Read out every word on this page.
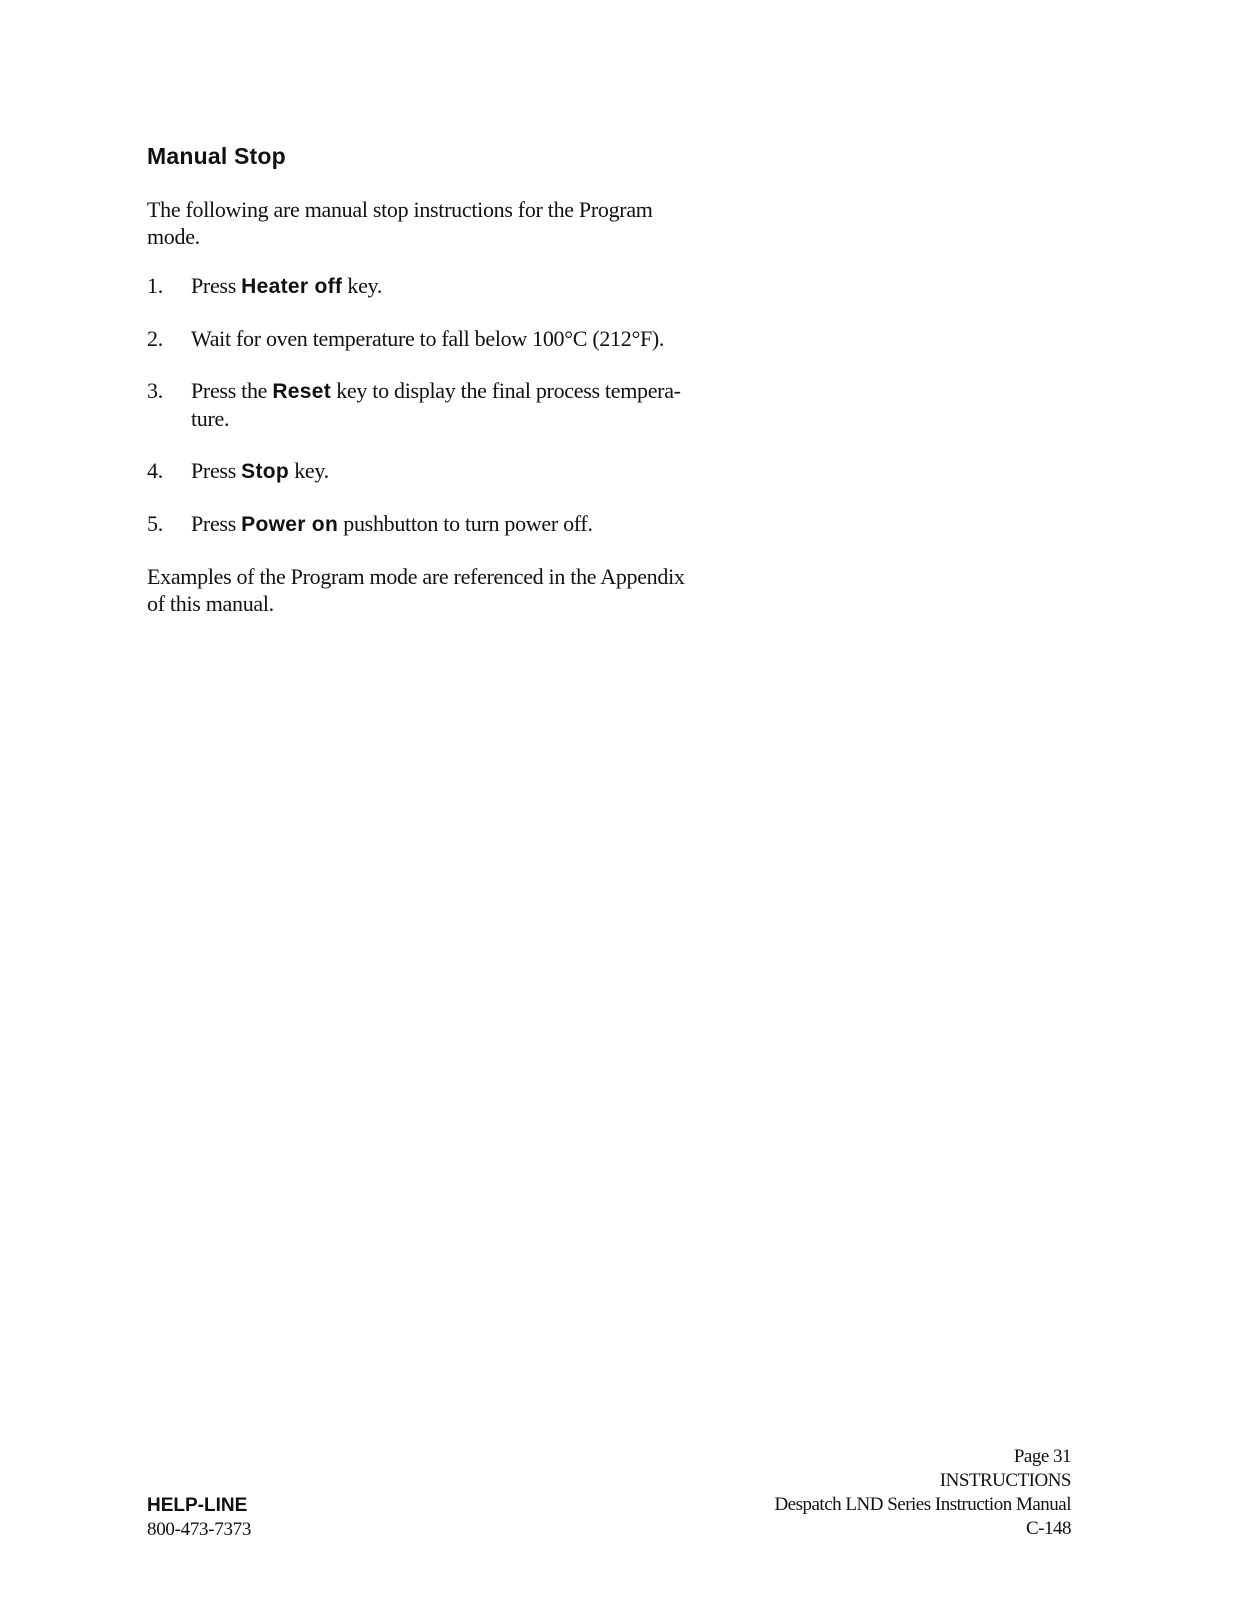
Manual Stop

The following are manual stop instructions for the Program mode.

1.	Press Heater off key.
2.	Wait for oven temperature to fall below 100°C (212°F).
3.	Press the Reset key to display the final process tempera-ture.
4.	Press Stop key.
5.	Press Power on pushbutton to turn power off.

Examples of the Program mode are referenced in the Appendix of this manual.

HELP-LINE
800-473-7373
Page 31
INSTRUCTIONS
Despatch LND Series Instruction Manual
C-148
